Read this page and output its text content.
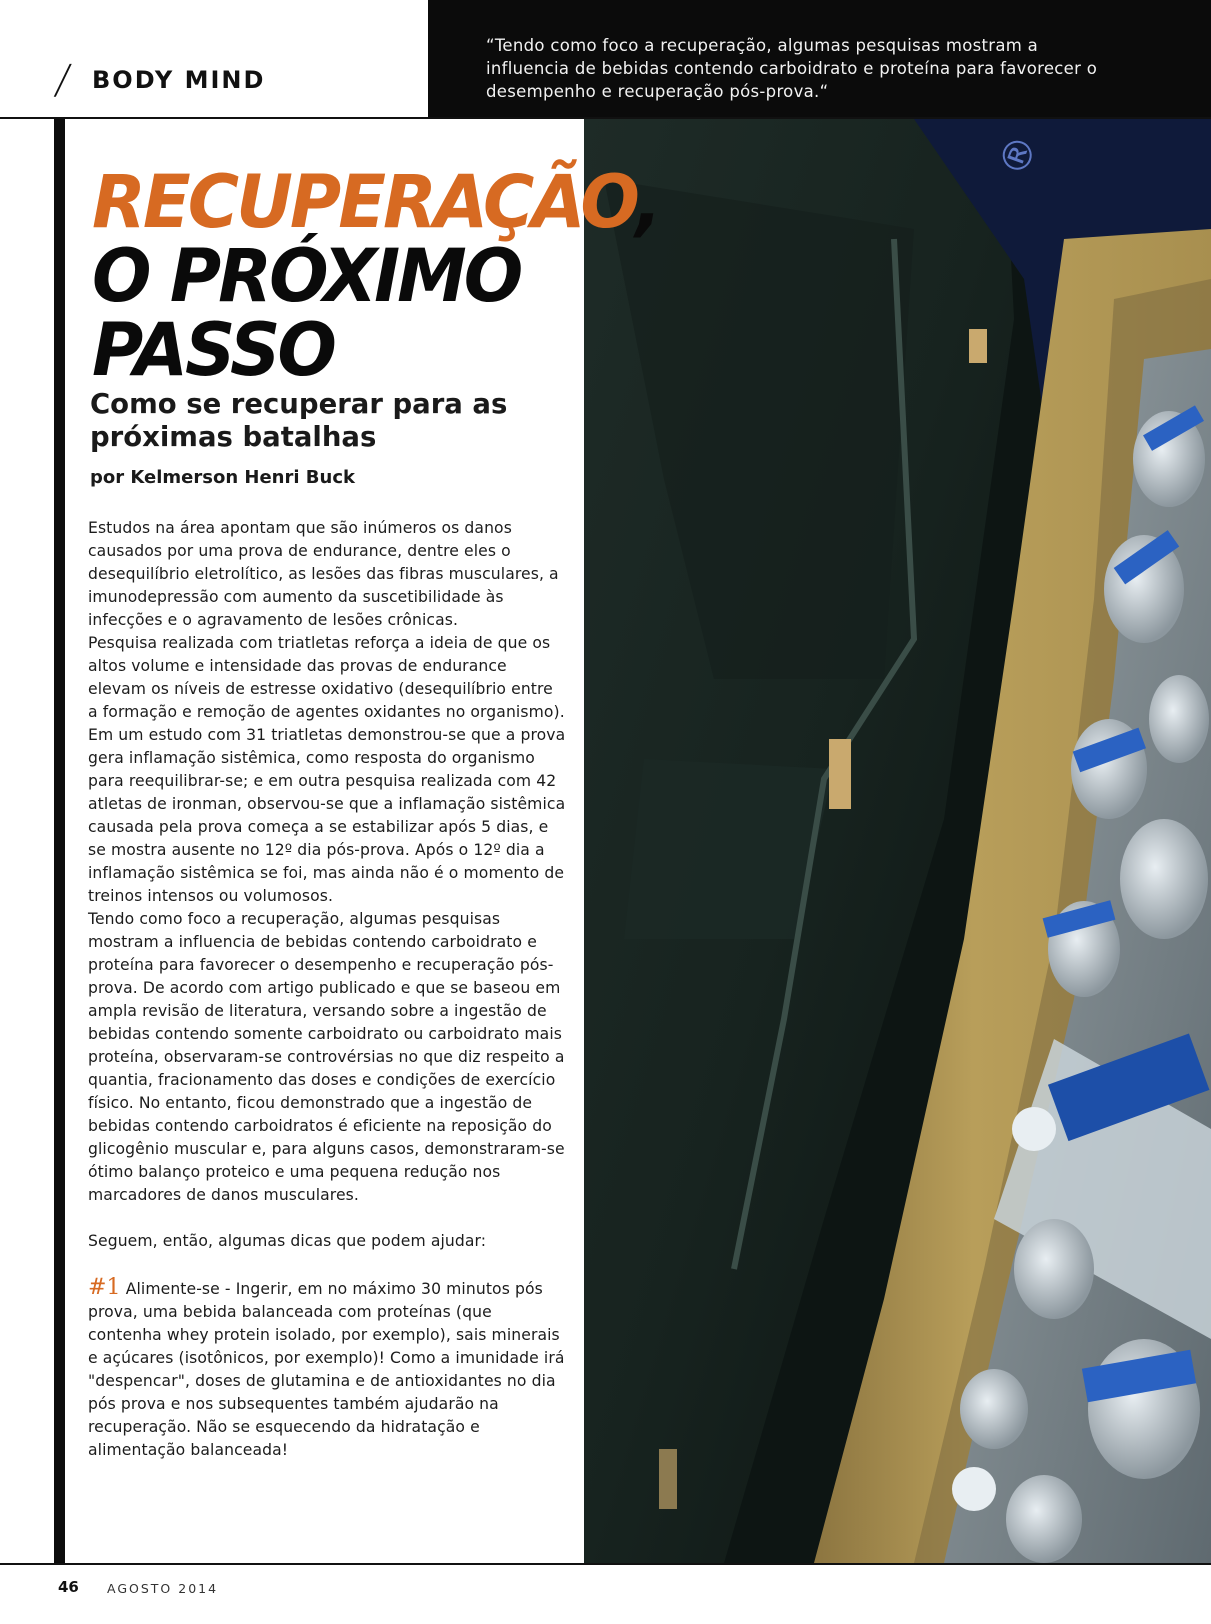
/ BODY MIND
“Tendo como foco a recuperação, algumas pesquisas mostram a influencia de bebidas contendo carboidrato e proteína para favorecer o desempenho e recuperação pós-prova.“
®
RECUPERAÇÃO,
O PRÓXIMO
PASSO
Como se recuperar para as próximas batalhas
por Kelmerson Henri Buck

Estudos na área apontam que são inúmeros os danos causados por uma prova de endurance, dentre eles o desequilíbrio eletrolítico, as lesões das fibras musculares, a imunodepressão com aumento da suscetibilidade às infecções e o agravamento de lesões crônicas.

Pesquisa realizada com triatletas reforça a ideia de que os altos volume e intensidade das provas de endurance elevam os níveis de estresse oxidativo (desequilíbrio entre a formação e remoção de agentes oxidantes no organismo).

Em um estudo com 31 triatletas demonstrou-se que a prova gera inflamação sistêmica, como resposta do organismo para reequilibrar-se; e em outra pesquisa realizada com 42 atletas de ironman, observou-se que a inflamação sistêmica causada pela prova começa a se estabilizar após 5 dias, e se mostra ausente no 12º dia pós-prova. Após o 12º dia a inflamação sistêmica se foi, mas ainda não é o momento de treinos intensos ou volumosos.

Tendo como foco a recuperação, algumas pesquisas mostram a influencia de bebidas contendo carboidrato e proteína para favorecer o desempenho e recuperação pós-prova. De acordo com artigo publicado e que se baseou em ampla revisão de literatura, versando sobre a ingestão de bebidas contendo somente carboidrato ou carboidrato mais proteína, observaram-se controvérsias no que diz respeito a quantia, fracionamento das doses e condições de exercício físico. No entanto, ficou demonstrado que a ingestão de bebidas contendo carboidratos é eficiente na reposição do glicogênio muscular e, para alguns casos, demonstraram-se ótimo balanço proteico e uma pequena redução nos marcadores de danos musculares.

Seguem, então, algumas dicas que podem ajudar:

#1 Alimente-se - Ingerir, em no máximo 30 minutos pós prova, uma bebida balanceada com proteínas (que contenha whey protein isolado, por exemplo), sais minerais e açúcares (isotônicos, por exemplo)! Como a imunidade irá "despencar", doses de glutamina e de antioxidantes no dia pós prova e nos subsequentes também ajudarão na recuperação. Não se esquecendo da hidratação e alimentação balanceada!

46 AGOSTO 2014
